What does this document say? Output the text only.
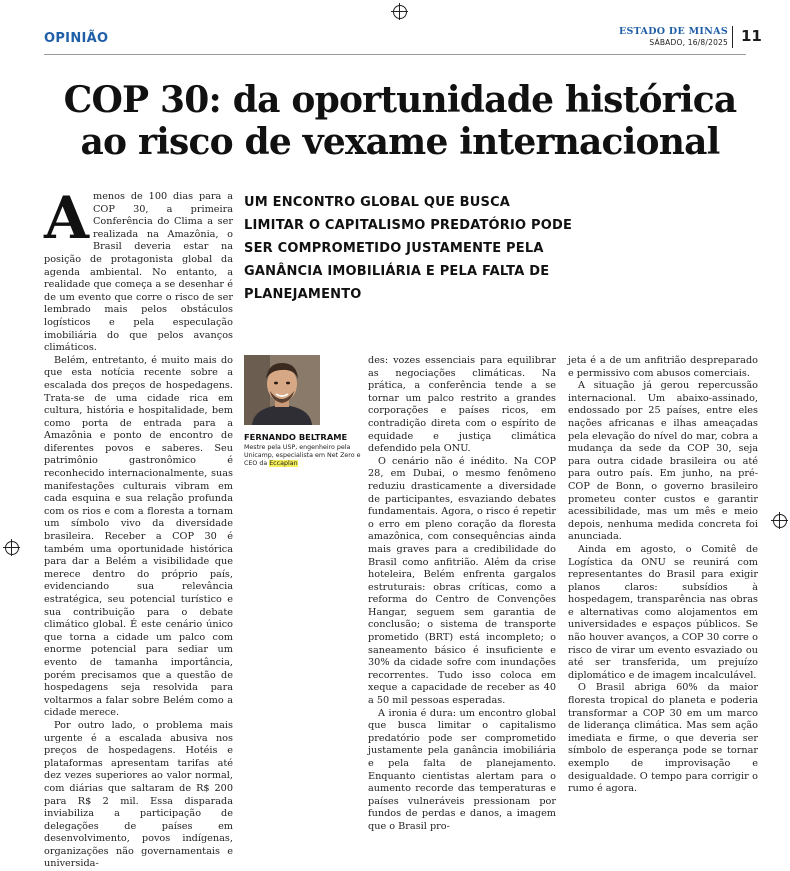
OPINIÃO	ESTADO DE MINAS
SÁBADO, 16/8/2025 11
COP 30: da oportunidade histórica
ao risco de vexame internacional

Amenos de 100 dias para a COP 30, a primeira Conferência do Clima a ser realizada na Amazônia, o Brasil deveria estar na posição de protagonista global da agenda ambiental. No entanto, a realidade que começa a se desenhar é de um evento que corre o risco de ser lembrado mais pelos obstáculos logísticos e pela especulação imobiliária do que pelos avanços climáticos.

Belém, entretanto, é muito mais do que esta notícia recente sobre a escalada dos preços de hospedagens. Trata-se de uma cidade rica em cultura, história e hospitalidade, bem como porta de entrada para a Amazônia e ponto de encontro de diferentes povos e saberes. Seu patrimônio gastronômico é reconhecido internacionalmente, suas manifestações culturais vibram em cada esquina e sua relação profunda com os rios e com a floresta a tornam um símbolo vivo da diversidade brasileira. Receber a COP 30 é também uma oportunidade histórica para dar a Belém a visibilidade que merece dentro do próprio país, evidenciando sua relevância estratégica, seu potencial turístico e sua contribuição para o debate climático global. É este cenário único que torna a cidade um palco com enorme potencial para sediar um evento de tamanha importância, porém precisamos que a questão de hospedagens seja resolvida para voltarmos a falar sobre Belém como a cidade merece.

Por outro lado, o problema mais urgente é a escalada abusiva nos preços de hospedagens. Hotéis e plataformas apresentam tarifas até dez vezes superiores ao valor normal, com diárias que saltaram de R$ 200 para R$ 2 mil. Essa disparada inviabiliza a participação de delegações de países em desenvolvimento, povos indígenas, organizações não governamentais e universida-

UM ENCONTRO GLOBAL QUE BUSCA LIMITAR O CAPITALISMO PREDATÓRIO PODE SER COMPROMETIDO JUSTAMENTE PELA GANÂNCIA IMOBILIÁRIA E PELA FALTA DE PLANEJAMENTO
FERNANDO BELTRAME
Mestre pela USP, engenheiro pela
Unicamp, especialista em Net Zero e
CEO da Eccaplan

des: vozes essenciais para equilibrar as negociações climáticas. Na prática, a conferência tende a se tornar um palco restrito a grandes corporações e países ricos, em contradição direta com o espírito de equidade e justiça climática defendido pela ONU.

O cenário não é inédito. Na COP 28, em Dubai, o mesmo fenômeno reduziu drasticamente a diversidade de participantes, esvaziando debates fundamentais. Agora, o risco é repetir o erro em pleno coração da floresta amazônica, com consequências ainda mais graves para a credibilidade do Brasil como anfitrião. Além da crise hoteleira, Belém enfrenta gargalos estruturais: obras críticas, como a reforma do Centro de Convenções Hangar, seguem sem garantia de conclusão; o sistema de transporte prometido (BRT) está incompleto; o saneamento básico é insuficiente e 30% da cidade sofre com inundações recorrentes. Tudo isso coloca em xeque a capacidade de receber as 40 a 50 mil pessoas esperadas.

A ironia é dura: um encontro global que busca limitar o capitalismo predatório pode ser comprometido justamente pela ganância imobiliária e pela falta de planejamento. Enquanto cientistas alertam para o aumento recorde das temperaturas e países vulneráveis pressionam por fundos de perdas e danos, a imagem que o Brasil pro-

jeta é a de um anfitrião despreparado e permissivo com abusos comerciais.

A situação já gerou repercussão internacional. Um abaixo-assinado, endossado por 25 países, entre eles nações africanas e ilhas ameaçadas pela elevação do nível do mar, cobra a mudança da sede da COP 30, seja para outra cidade brasileira ou até para outro país. Em junho, na pré-COP de Bonn, o governo brasileiro prometeu conter custos e garantir acessibilidade, mas um mês e meio depois, nenhuma medida concreta foi anunciada.

Ainda em agosto, o Comitê de Logística da ONU se reunirá com representantes do Brasil para exigir planos claros: subsídios à hospedagem, transparência nas obras e alternativas como alojamentos em universidades e espaços públicos. Se não houver avanços, a COP 30 corre o risco de virar um evento esvaziado ou até ser transferida, um prejuízo diplomático e de imagem incalculável.

O Brasil abriga 60% da maior floresta tropical do planeta e poderia transformar a COP 30 em um marco de liderança climática. Mas sem ação imediata e firme, o que deveria ser símbolo de esperança pode se tornar exemplo de improvisação e desigualdade. O tempo para corrigir o rumo é agora.
